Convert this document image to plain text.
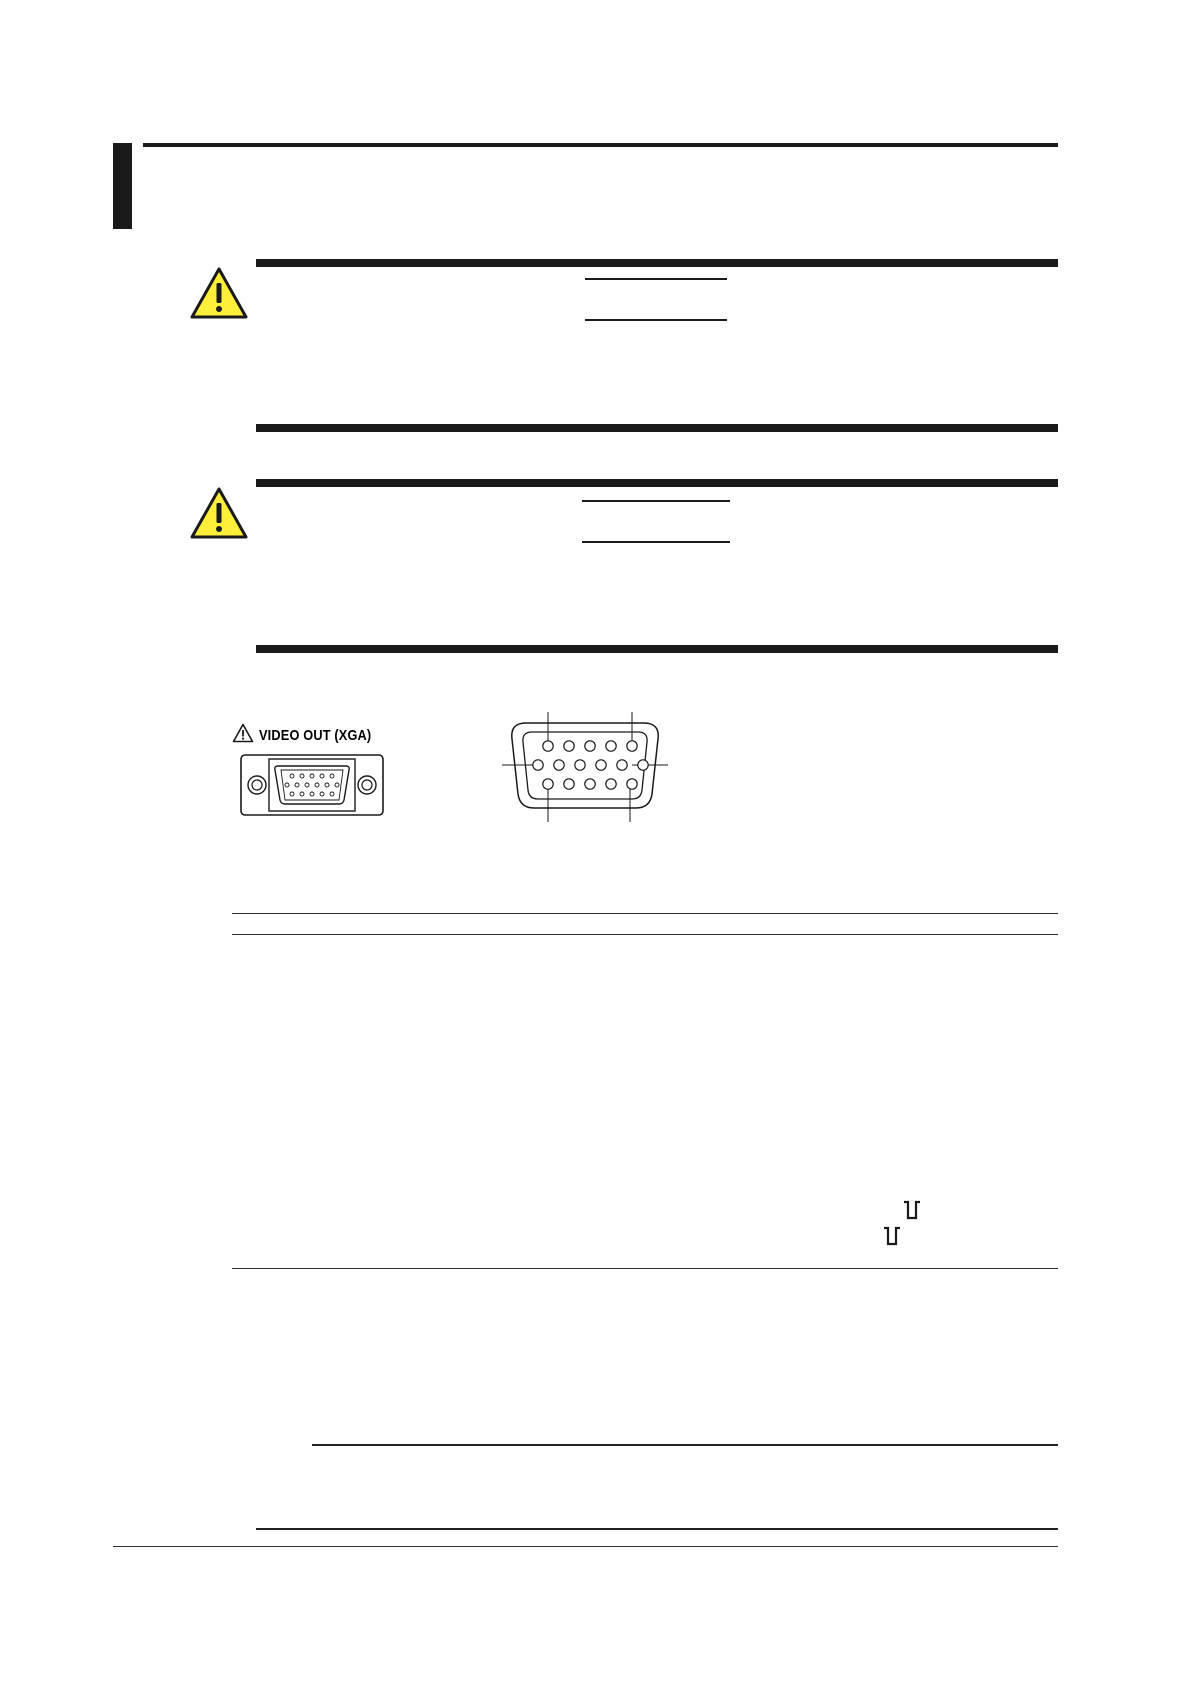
VIDEO OUT (XGA)
